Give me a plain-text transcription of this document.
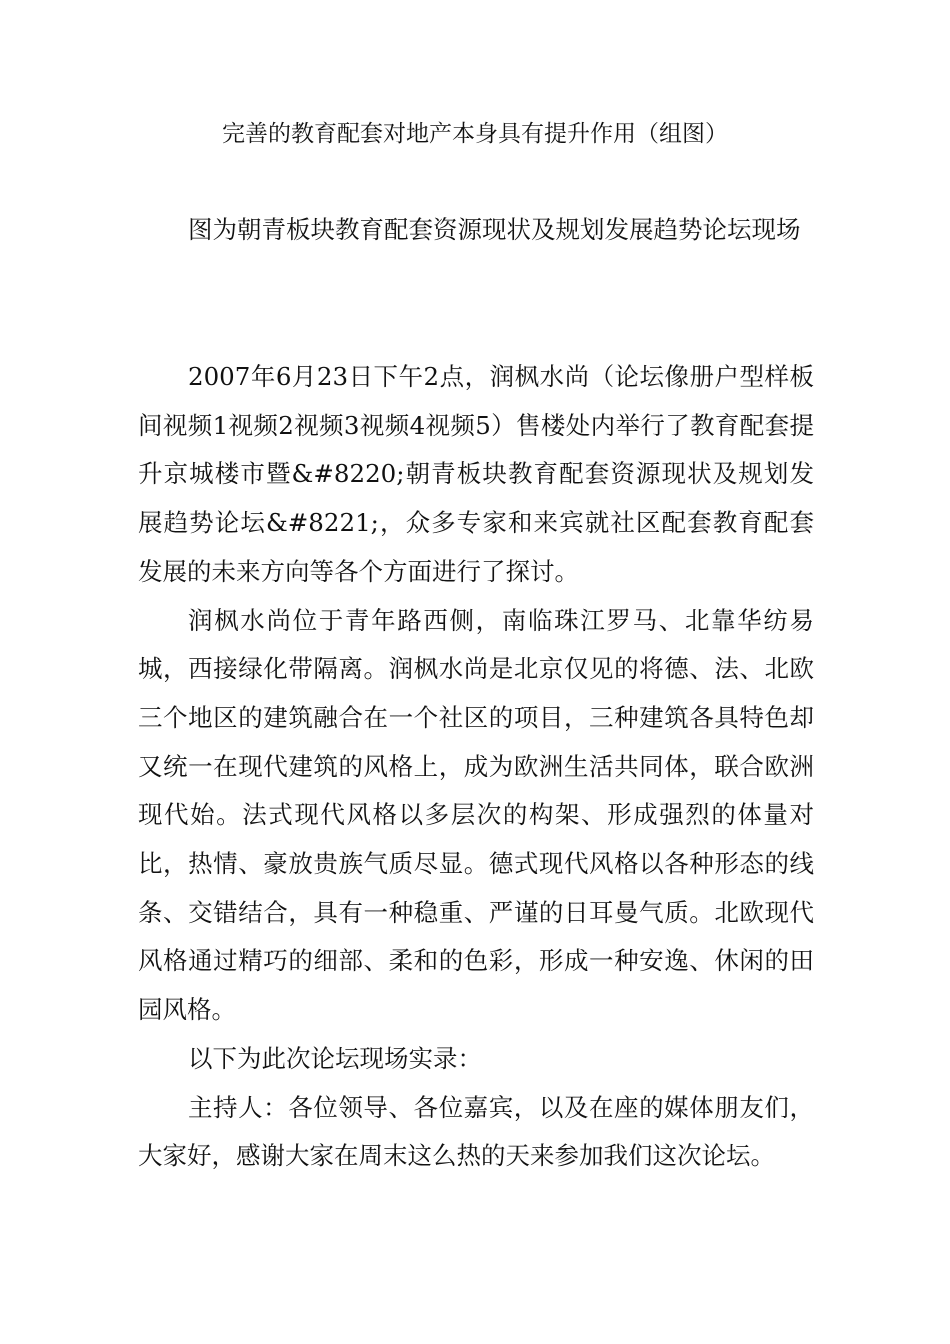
完善的教育配套对地产本身具有提升作用（组图）

图为朝青板块教育配套资源现状及规划发展趋势论坛现场

2007年6月23日下午2点，润枫水尚（论坛像册户型样板间视频1视频2视频3视频4视频5）售楼处内举行了教育配套提升京城楼市暨&#8220;朝青板块教育配套资源现状及规划发展趋势论坛&#8221;，众多专家和来宾就社区配套教育配套发展的未来方向等各个方面进行了探讨。

润枫水尚位于青年路西侧，南临珠江罗马、北靠华纺易城，西接绿化带隔离。润枫水尚是北京仅见的将德、法、北欧三个地区的建筑融合在一个社区的项目，三种建筑各具特色却又统一在现代建筑的风格上，成为欧洲生活共同体，联合欧洲现代始。法式现代风格以多层次的构架、形成强烈的体量对比，热情、豪放贵族气质尽显。德式现代风格以各种形态的线条、交错结合，具有一种稳重、严谨的日耳曼气质。北欧现代风格通过精巧的细部、柔和的色彩，形成一种安逸、休闲的田园风格。

以下为此次论坛现场实录：

主持人：各位领导、各位嘉宾，以及在座的媒体朋友们，大家好，感谢大家在周末这么热的天来参加我们这次论坛。
